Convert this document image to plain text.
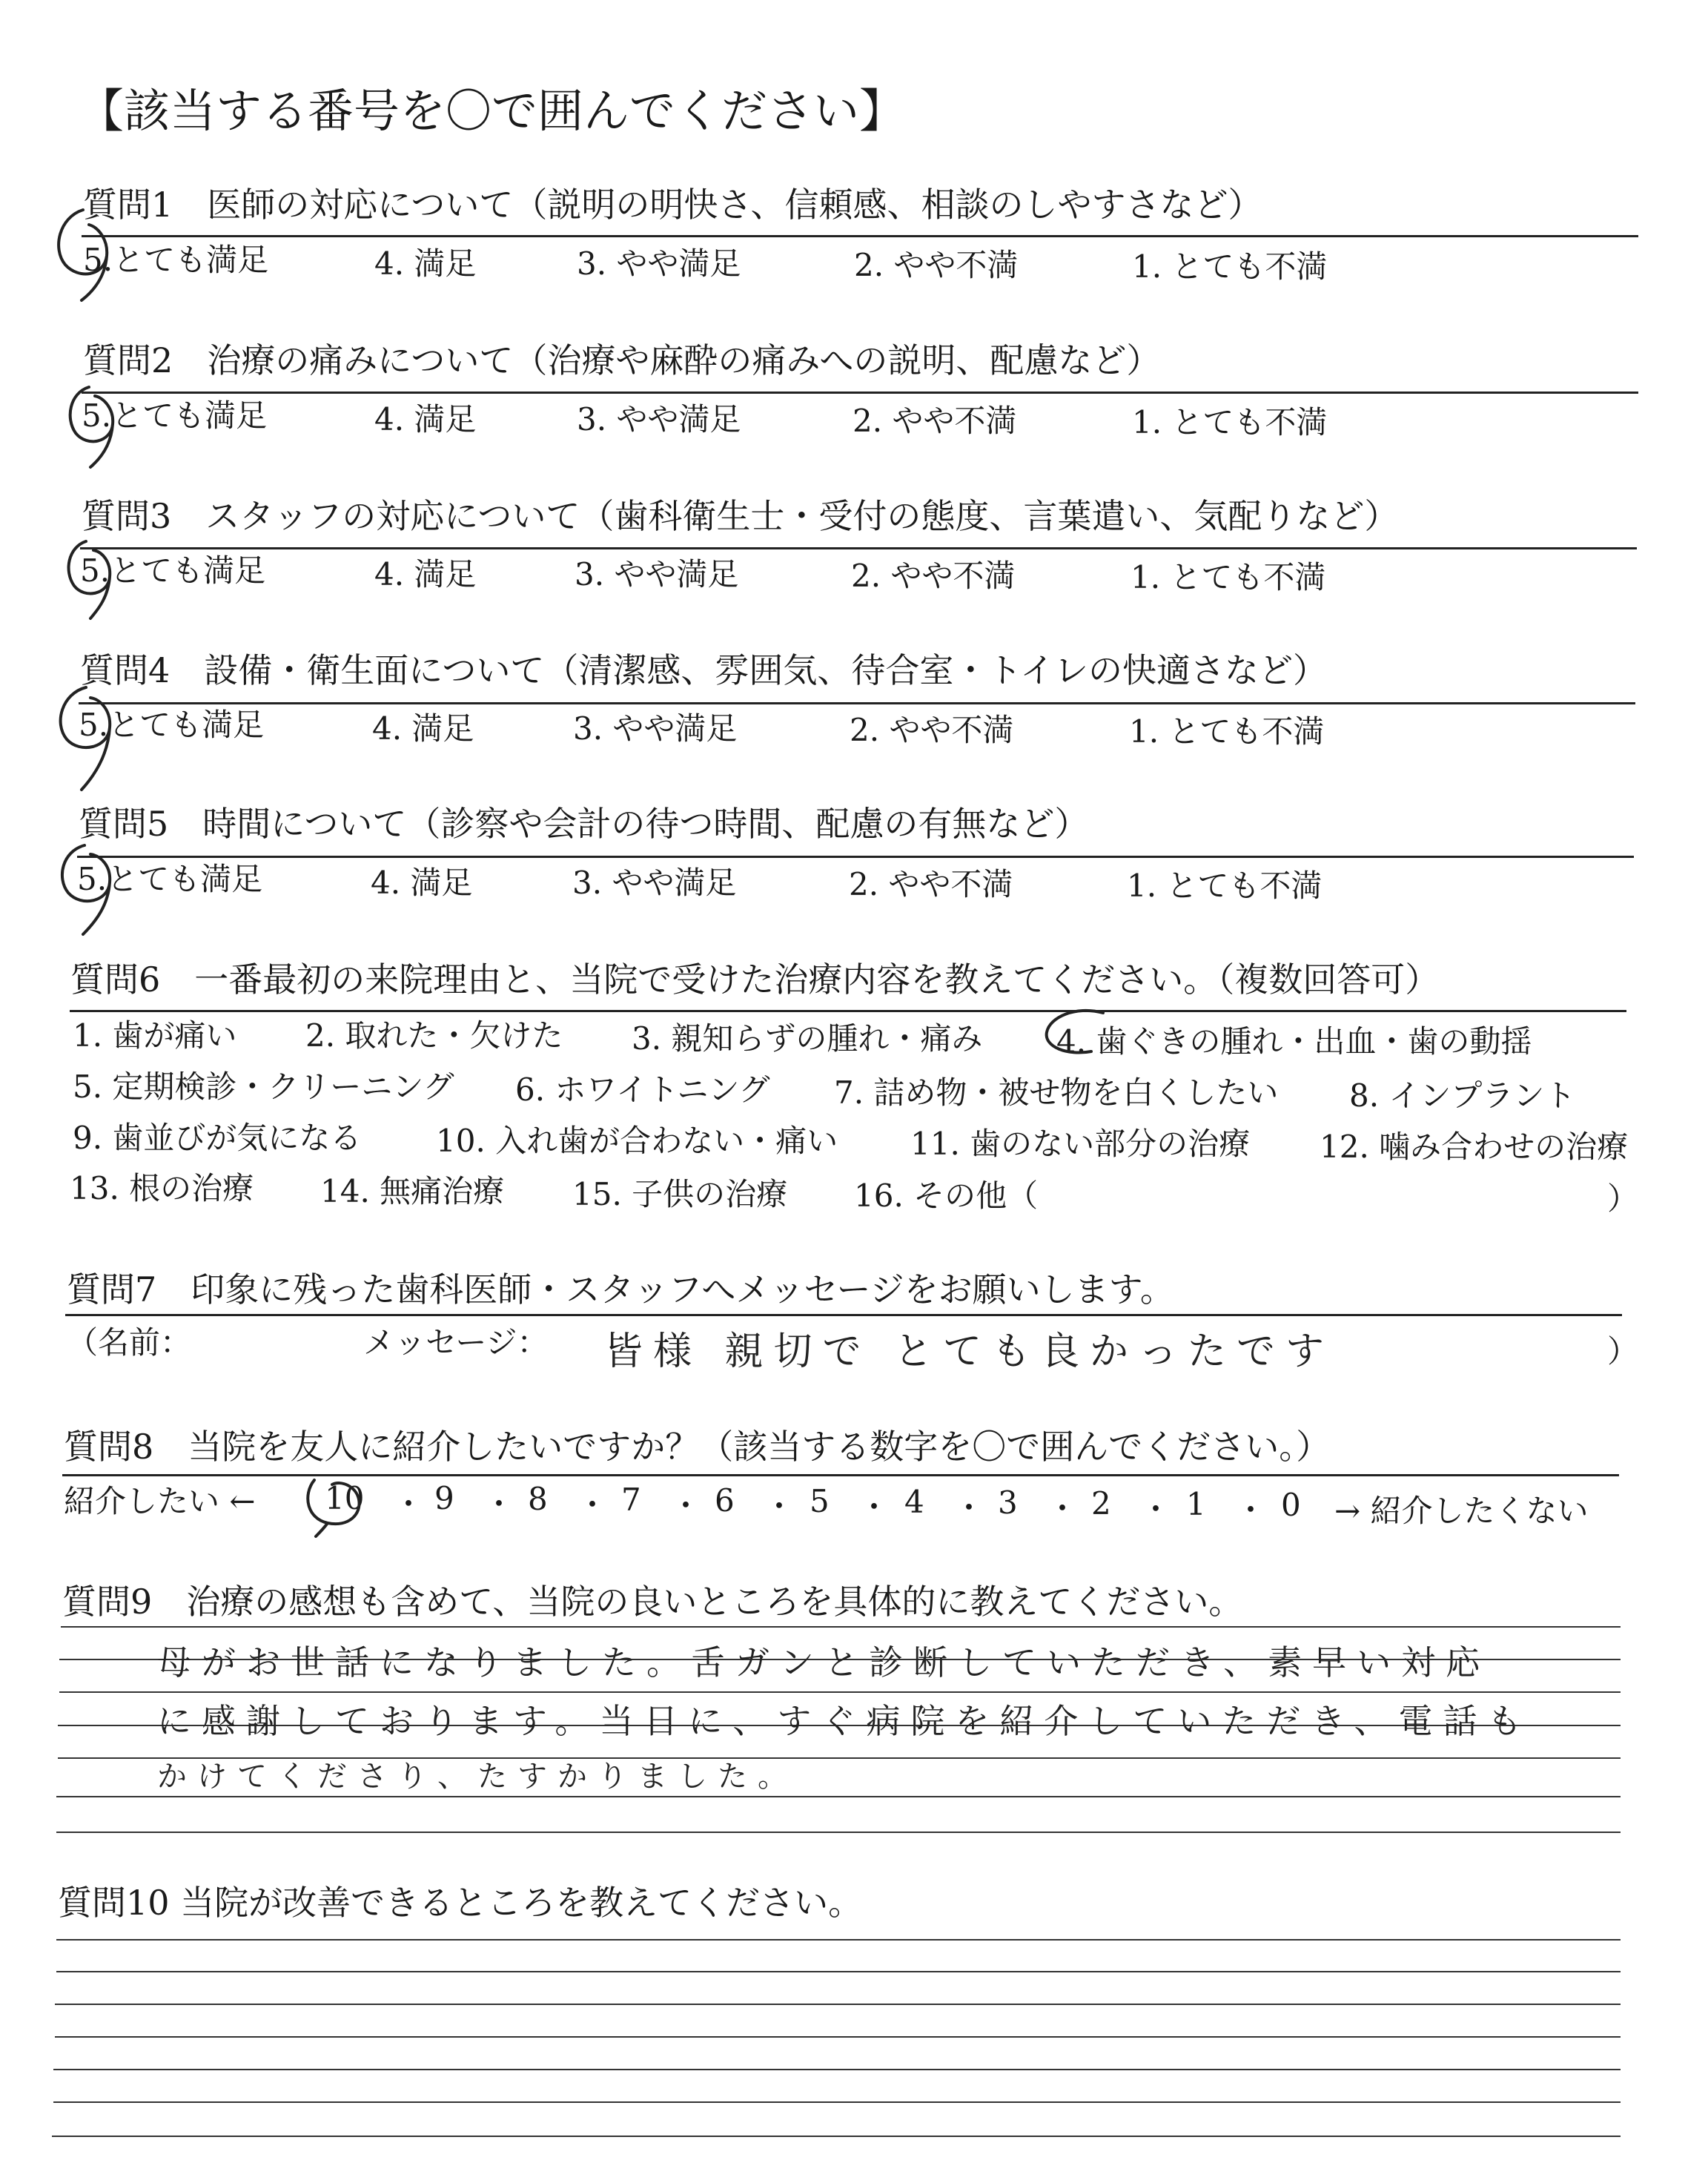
【該当する番号を〇で囲んでください】
質問1　医師の対応について（説明の明快さ、信頼感、相談のしやすさなど）
5.とても満足	4. 満足	3. やや満足	2. やや不満	1. とても不満
質問2　治療の痛みについて（治療や麻酔の痛みへの説明、配慮など）
5.とても満足	4. 満足	3. やや満足	2. やや不満	1. とても不満
質問3　スタッフの対応について（歯科衛生士・受付の態度、言葉遣い、気配りなど）
5.とても満足	4. 満足	3. やや満足	2. やや不満	1. とても不満
質問4　設備・衛生面について（清潔感、雰囲気、待合室・トイレの快適さなど）
5.とても満足	4. 満足	3. やや満足	2. やや不満	1. とても不満
質問5　時間について（診察や会計の待つ時間、配慮の有無など）
5.とても満足	4. 満足	3. やや満足	2. やや不満	1. とても不満
質問6　一番最初の来院理由と、当院で受けた治療内容を教えてください。（複数回答可）
1. 歯が痛い 2. 取れた・欠けた 3. 親知らずの腫れ・痛み 4. 歯ぐきの腫れ・出血・歯の動揺
5. 定期検診・クリーニング 6. ホワイトニング 7. 詰め物・被せ物を白くしたい 8. インプラント
9. 歯並びが気になる 10. 入れ歯が合わない・痛い 11. 歯のない部分の治療 12. 噛み合わせの治療
13. 根の治療 14. 無痛治療 15. 子供の治療 16. その他（	）
質問7　印象に残った歯科医師・スタッフへメッセージをお願いします。
（名前：	メッセージ： 皆様 親切で とても良かったです	）
質問8　当院を友人に紹介したいですか？（該当する数字を〇で囲んでください。）
紹介したい ← 10 ・ 9 ・ 8 ・ 7 ・ 6 ・ 5 ・ 4 ・ 3 ・ 2 ・ 1 ・ 0 → 紹介したくない
質問9　治療の感想も含めて、当院の良いところを具体的に教えてください。
母がお世話になりました。舌ガンと診断していただき、素早い対応
に感謝しております。当日に、すぐ病院を紹介していただき、電話も
かけてくださり、たすかりました。
質問10 当院が改善できるところを教えてください。
